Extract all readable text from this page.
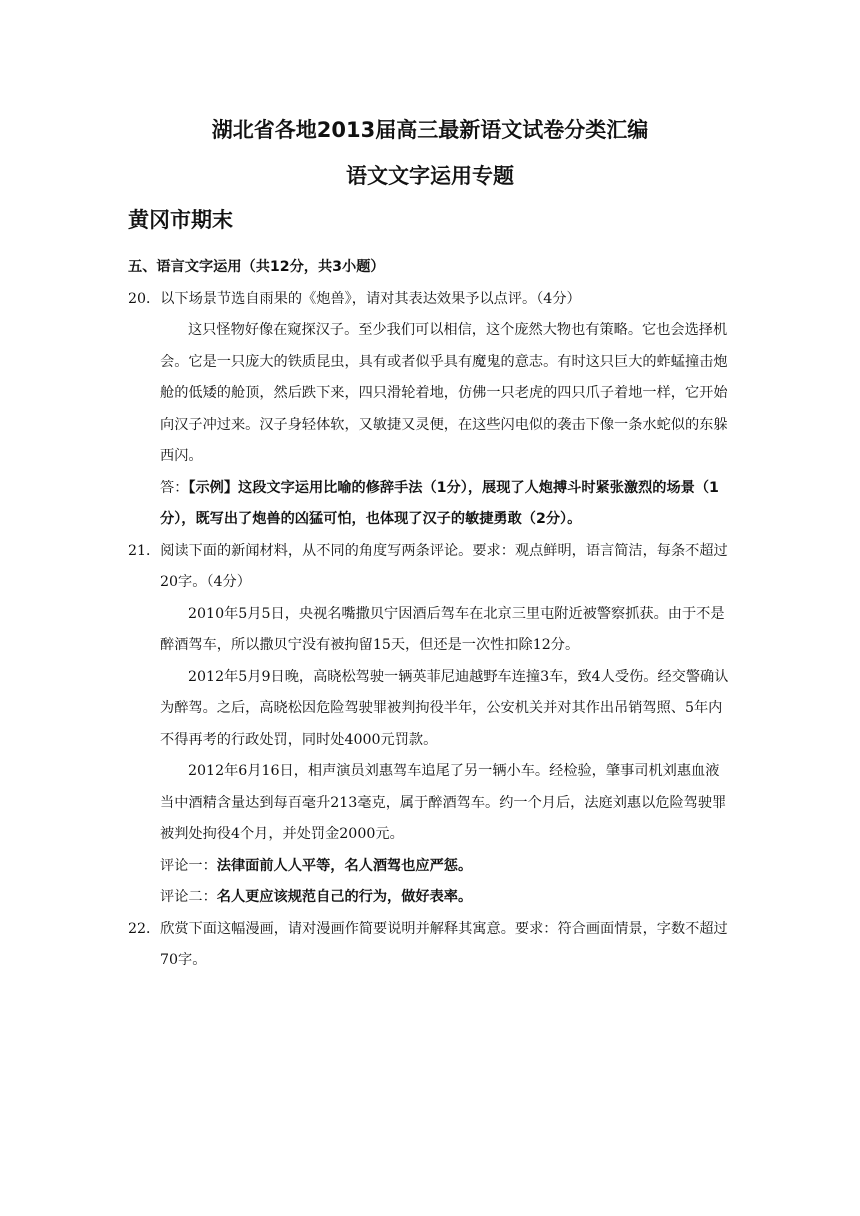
湖北省各地2013届高三最新语文试卷分类汇编
语文文字运用专题
黄冈市期末

五、语言文字运用（共12分，共3小题）

20．以下场景节选自雨果的《炮兽》，请对其表达效果予以点评。（4分）

这只怪物好像在窥探汉子。至少我们可以相信，这个庞然大物也有策略。它也会选择机会。它是一只庞大的铁质昆虫，具有或者似乎具有魔鬼的意志。有时这只巨大的蚱蜢撞击炮舱的低矮的舱顶，然后跌下来，四只滑轮着地，仿佛一只老虎的四只爪子着地一样，它开始向汉子冲过来。汉子身轻体软，又敏捷又灵便，在这些闪电似的袭击下像一条水蛇似的东躲西闪。

答：【示例】这段文字运用比喻的修辞手法（1分），展现了人炮搏斗时紧张激烈的场景（1分），既写出了炮兽的凶猛可怕，也体现了汉子的敏捷勇敢（2分）。

21．阅读下面的新闻材料，从不同的角度写两条评论。要求：观点鲜明，语言简洁，每条不超过20字。（4分）

2010年5月5日，央视名嘴撒贝宁因酒后驾车在北京三里屯附近被警察抓获。由于不是醉酒驾车，所以撒贝宁没有被拘留15天，但还是一次性扣除12分。

2012年5月9日晚，高晓松驾驶一辆英菲尼迪越野车连撞3车，致4人受伤。经交警确认为醉驾。之后，高晓松因危险驾驶罪被判拘役半年，公安机关并对其作出吊销驾照、5年内不得再考的行政处罚，同时处4000元罚款。

2012年6月16日，相声演员刘惠驾车追尾了另一辆小车。经检验，肇事司机刘惠血液当中酒精含量达到每百毫升213毫克，属于醉酒驾车。约一个月后，法庭刘惠以危险驾驶罪被判处拘役4个月，并处罚金2000元。

评论一：法律面前人人平等，名人酒驾也应严惩。

评论二：名人更应该规范自己的行为，做好表率。

22．欣赏下面这幅漫画，请对漫画作简要说明并解释其寓意。要求：符合画面情景，字数不超过70字。
